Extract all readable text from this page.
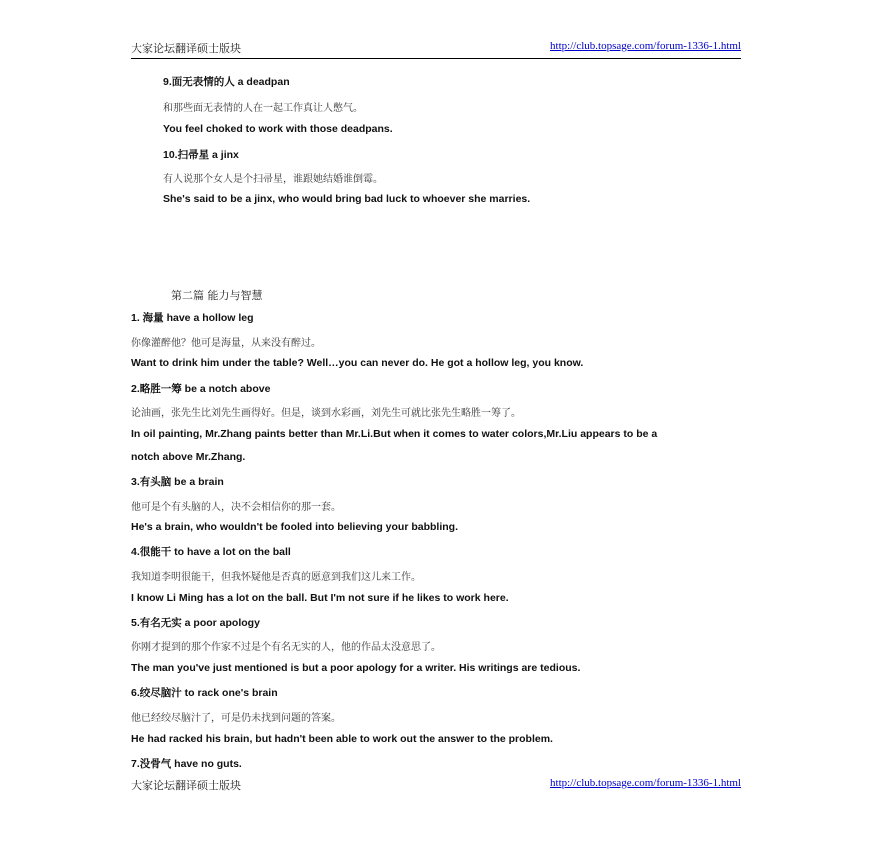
大家论坛翻译硕士版块	http://club.topsage.com/forum-1336-1.html
9.面无表情的人 a deadpan
和那些面无表情的人在一起工作真让人憋气。
You feel choked to work with those deadpans.
10.扫帚星 a jinx
有人说那个女人是个扫帚星，谁跟她结婚谁倒霉。
She's said to be a jinx, who would bring bad luck to whoever she marries.
第二篇 能力与智慧
1. 海量 have a hollow leg
你像灌醉他？他可是海量，从来没有醉过。
Want to drink him under the table? Well…you can never do. He got a hollow leg, you know.
2.略胜一筹 be a notch above
论油画，张先生比刘先生画得好。但是，谈到水彩画，刘先生可就比张先生略胜一筹了。
In oil painting, Mr.Zhang paints better than Mr.Li.But when it comes to water colors,Mr.Liu appears to be a
notch above Mr.Zhang.
3.有头脑 be a brain
他可是个有头脑的人，决不会相信你的那一套。
He's a brain, who wouldn't be fooled into believing your babbling.
4.很能干 to have a lot on the ball
我知道李明很能干，但我怀疑他是否真的愿意到我们这儿来工作。
I know Li Ming has a lot on the ball. But I'm not sure if he likes to work here.
5.有名无实 a poor apology
你刚才提到的那个作家不过是个有名无实的人，他的作品太没意思了。
The man you've just mentioned is but a poor apology for a writer. His writings are tedious.
6.绞尽脑汁 to rack one's brain
他已经绞尽脑汁了，可是仍未找到问题的答案。
He had racked his brain, but hadn't been able to work out the answer to the problem.
7.没骨气 have no guts.
大家论坛翻译硕士版块	http://club.topsage.com/forum-1336-1.html
